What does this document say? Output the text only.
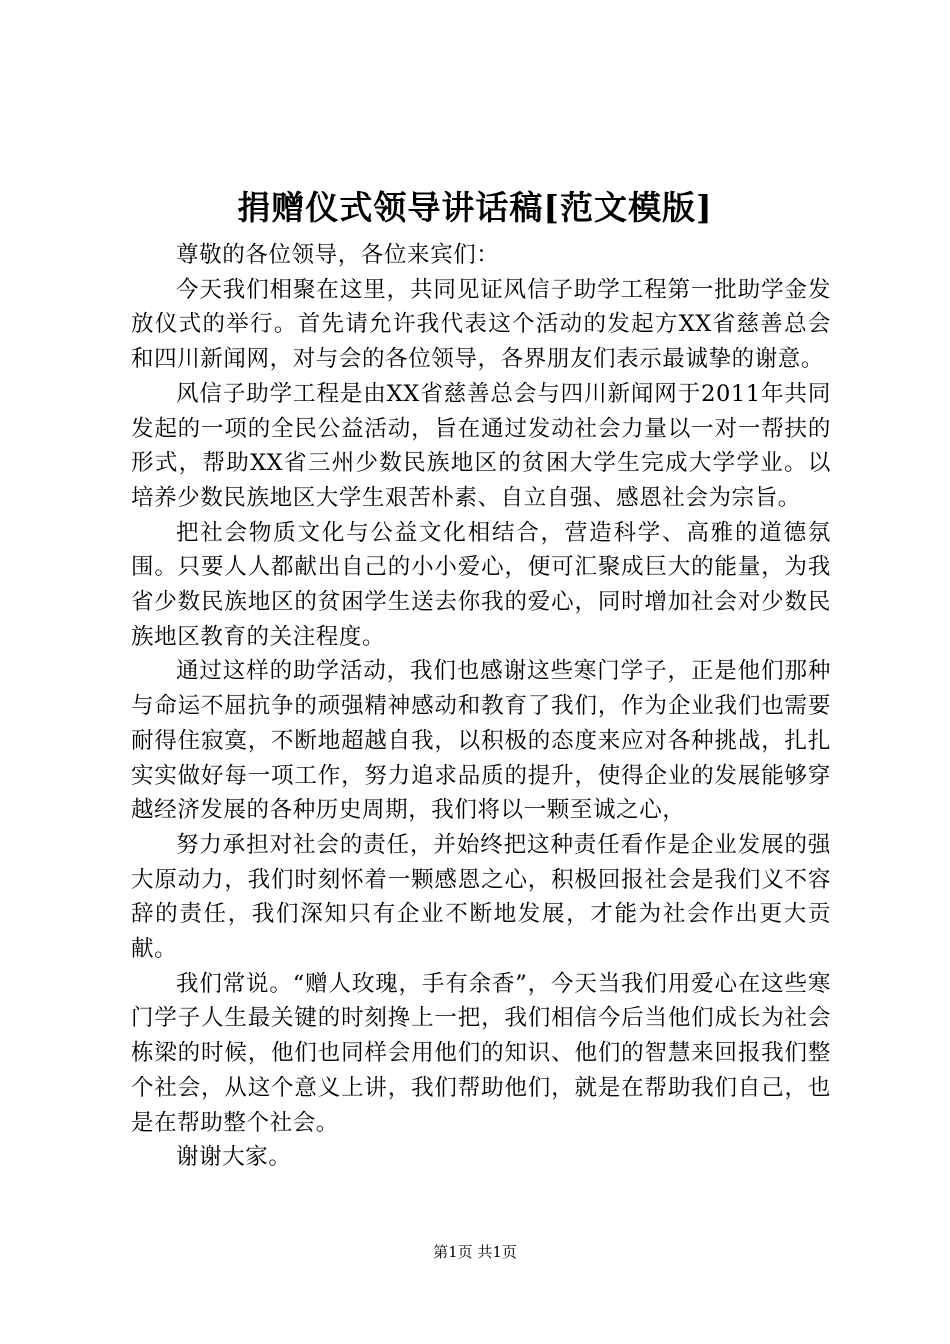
捐赠仪式领导讲话稿[范文模版]

尊敬的各位领导，各位来宾们：

今天我们相聚在这里，共同见证风信子助学工程第一批助学金发放仪式的举行。首先请允许我代表这个活动的发起方XX省慈善总会和四川新闻网，对与会的各位领导，各界朋友们表示最诚挚的谢意。

风信子助学工程是由XX省慈善总会与四川新闻网于2011年共同发起的一项的全民公益活动，旨在通过发动社会力量以一对一帮扶的形式，帮助XX省三州少数民族地区的贫困大学生完成大学学业。以培养少数民族地区大学生艰苦朴素、自立自强、感恩社会为宗旨。

把社会物质文化与公益文化相结合，营造科学、高雅的道德氛围。只要人人都献出自己的小小爱心，便可汇聚成巨大的能量，为我省少数民族地区的贫困学生送去你我的爱心，同时增加社会对少数民族地区教育的关注程度。

通过这样的助学活动，我们也感谢这些寒门学子，正是他们那种与命运不屈抗争的顽强精神感动和教育了我们，作为企业我们也需要耐得住寂寞，不断地超越自我，以积极的态度来应对各种挑战，扎扎实实做好每一项工作，努力追求品质的提升，使得企业的发展能够穿越经济发展的各种历史周期，我们将以一颗至诚之心，

努力承担对社会的责任，并始终把这种责任看作是企业发展的强大原动力，我们时刻怀着一颗感恩之心，积极回报社会是我们义不容辞的责任，我们深知只有企业不断地发展，才能为社会作出更大贡献。

我们常说。“赠人玫瑰，手有余香”，今天当我们用爱心在这些寒门学子人生最关键的时刻搀上一把，我们相信今后当他们成长为社会栋梁的时候，他们也同样会用他们的知识、他们的智慧来回报我们整个社会，从这个意义上讲，我们帮助他们，就是在帮助我们自己，也是在帮助整个社会。

谢谢大家。

第1页 共1页
